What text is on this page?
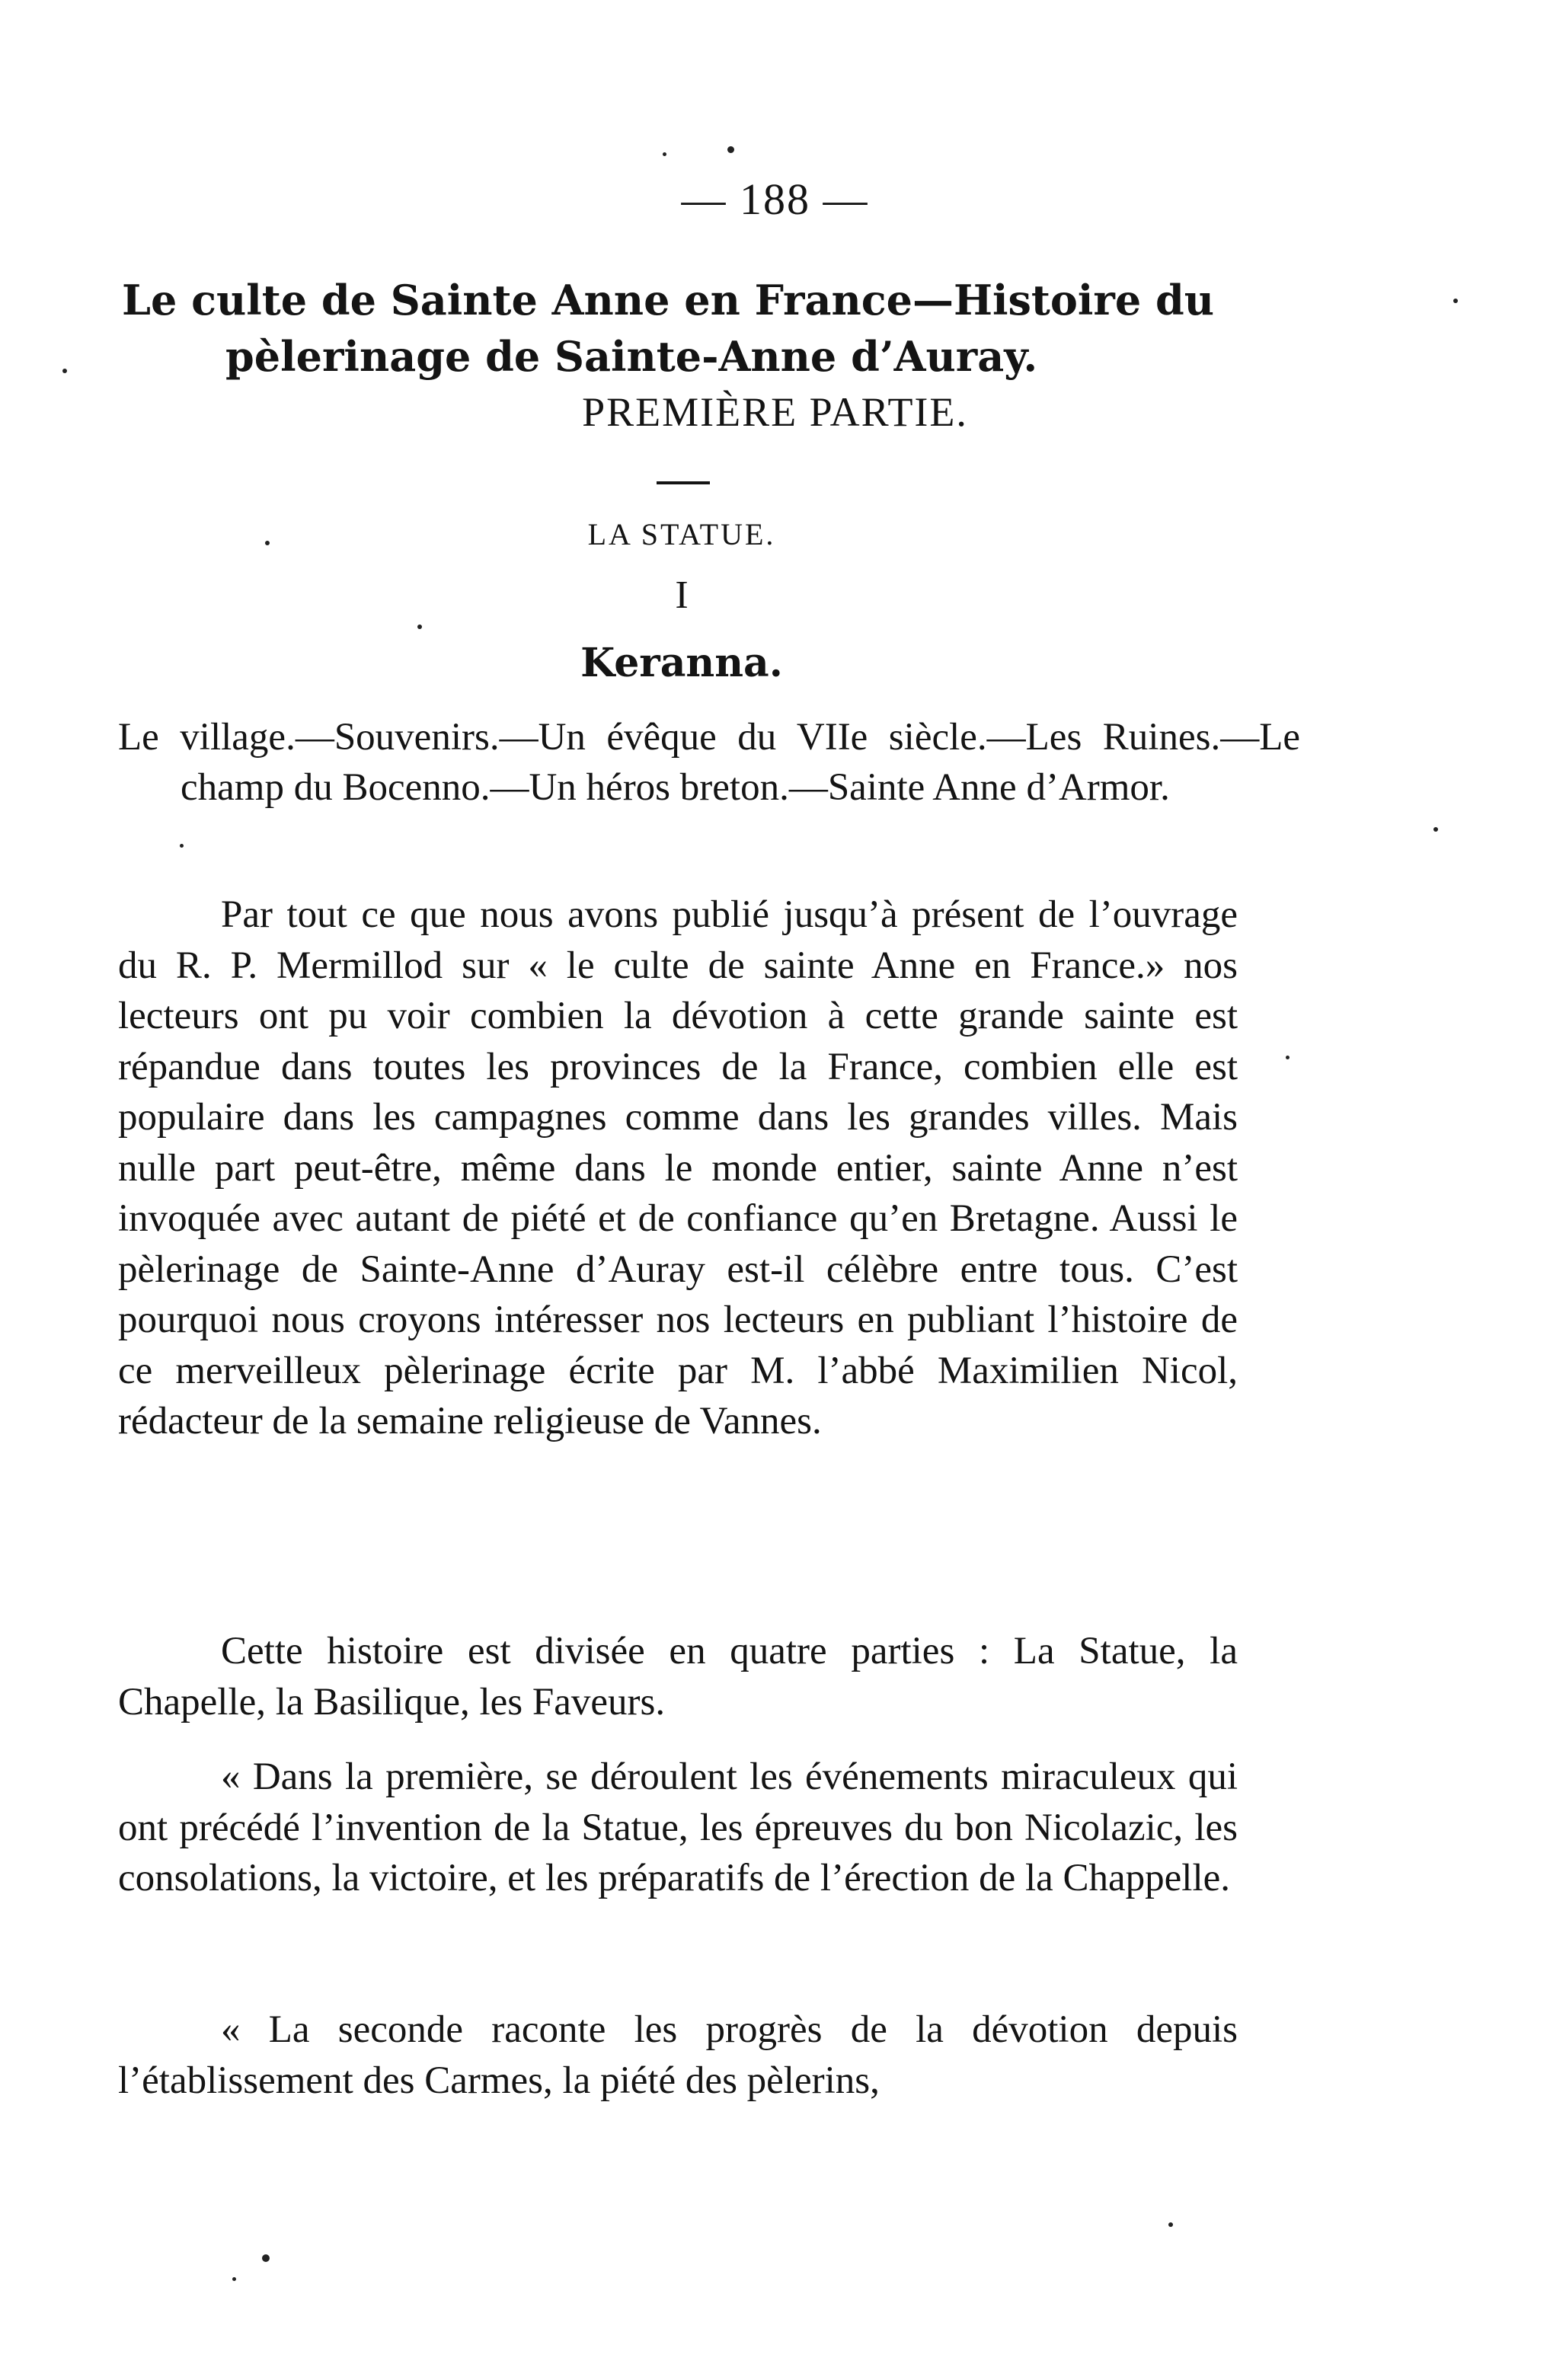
— 188 —
Le culte de Sainte Anne en France—Histoire du
pèlerinage de Sainte-Anne d’Auray.
PREMIÈRE PARTIE.
LA STATUE.
I
Keranna.
Le village.—Souvenirs.—Un évêque du VIIe siècle.—Les Ruines.—Le champ du Bocenno.—Un héros breton.—Sainte Anne d’Armor.

Par tout ce que nous avons publié jusqu’à présent de l’ouvrage du R. P. Mermillod sur « le culte de sainte Anne en France.» nos lecteurs ont pu voir combien la dévotion à cette grande sainte est répandue dans toutes les provinces de la France, combien elle est populaire dans les campagnes comme dans les grandes villes. Mais nulle part peut-être, même dans le monde entier, sainte Anne n’est invoquée avec autant de piété et de confiance qu’en Bretagne. Aussi le pèlerinage de Sainte-Anne d’Auray est-il célèbre entre tous. C’est pourquoi nous croyons intéresser nos lecteurs en publiant l’histoire de ce merveilleux pèlerinage écrite par M. l’abbé Maximilien Nicol, rédacteur de la semaine religieuse de Vannes.

Cette histoire est divisée en quatre parties : La Statue, la Chapelle, la Basilique, les Faveurs.

« Dans la première, se déroulent les événements miraculeux qui ont précédé l’invention de la Statue, les épreuves du bon Nicolazic, les consolations, la victoire, et les préparatifs de l’érection de la Chappelle.

« La seconde raconte les progrès de la dévotion depuis l’établissement des Carmes, la piété des pèlerins,
